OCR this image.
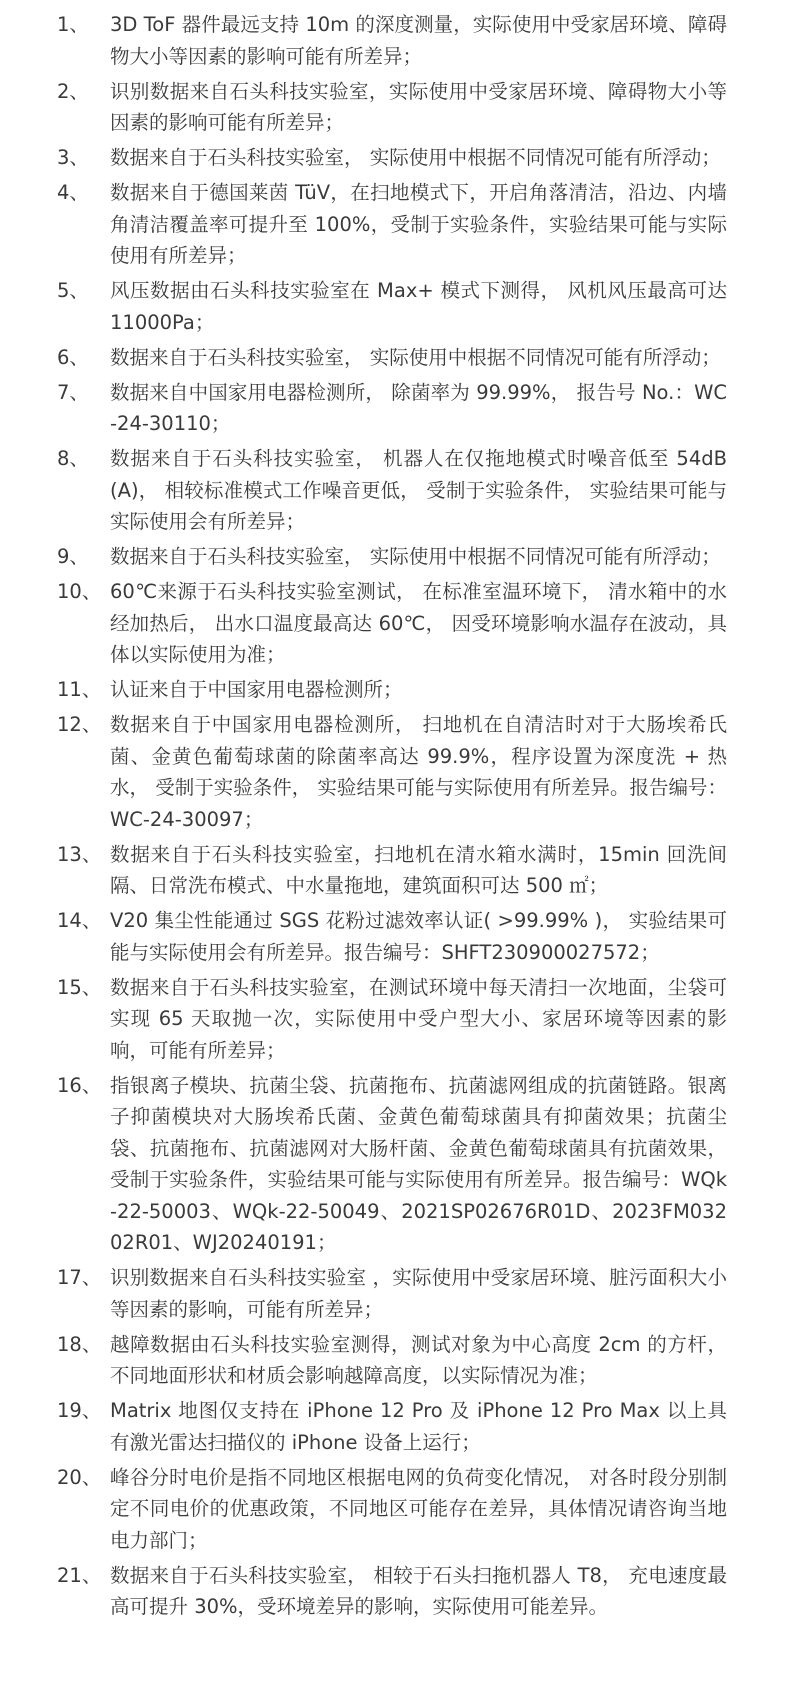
1、 3D ToF 器件最远支持 10m 的深度测量，实际使用中受家居环境、障碍物大小等因素的影响可能有所差异；
2、 识别数据来自石头科技实验室，实际使用中受家居环境、障碍物大小等因素的影响可能有所差异；
3、 数据来自于石头科技实验室， 实际使用中根据不同情况可能有所浮动；
4、 数据来自于德国莱茵 TüV，在扫地模式下，开启角落清洁，沿边、内墙角清洁覆盖率可提升至 100%，受制于实验条件，实验结果可能与实际使用有所差异；
5、 风压数据由石头科技实验室在 Max+ 模式下测得， 风机风压最高可达 11000Pa；
6、 数据来自于石头科技实验室， 实际使用中根据不同情况可能有所浮动；
7、 数据来自中国家用电器检测所， 除菌率为 99.99%， 报告号 No.：WC-24-30110；
8、 数据来自于石头科技实验室， 机器人在仅拖地模式时噪音低至 54dB(A)， 相较标准模式工作噪音更低， 受制于实验条件， 实验结果可能与实际使用会有所差异；
9、 数据来自于石头科技实验室， 实际使用中根据不同情况可能有所浮动；
10、 60℃来源于石头科技实验室测试， 在标准室温环境下， 清水箱中的水经加热后， 出水口温度最高达 60℃， 因受环境影响水温存在波动，具体以实际使用为准；
11、 认证来自于中国家用电器检测所；
12、 数据来自于中国家用电器检测所， 扫地机在自清洁时对于大肠埃希氏菌、金黄色葡萄球菌的除菌率高达 99.9%，程序设置为深度洗 + 热水， 受制于实验条件， 实验结果可能与实际使用有所差异。报告编号： WC-24-30097；
13、 数据来自于石头科技实验室，扫地机在清水箱水满时，15min 回洗间隔、日常洗布模式、中水量拖地，建筑面积可达 500 ㎡；
14、 V20 集尘性能通过 SGS 花粉过滤效率认证( >99.99% )， 实验结果可能与实际使用会有所差异。报告编号：SHFT230900027572；
15、 数据来自于石头科技实验室，在测试环境中每天清扫一次地面，尘袋可实现 65 天取抛一次，实际使用中受户型大小、家居环境等因素的影响，可能有所差异；
16、 指银离子模块、抗菌尘袋、抗菌拖布、抗菌滤网组成的抗菌链路。银离子抑菌模块对大肠埃希氏菌、金黄色葡萄球菌具有抑菌效果；抗菌尘袋、抗菌拖布、抗菌滤网对大肠杆菌、金黄色葡萄球菌具有抗菌效果，受制于实验条件，实验结果可能与实际使用有所差异。报告编号：WQk-22-50003、WQk-22-50049、2021SP02676R01D、2023FM03202R01、WJ20240191；
17、 识别数据来自石头科技实验室 ，实际使用中受家居环境、脏污面积大小等因素的影响，可能有所差异；
18、 越障数据由石头科技实验室测得，测试对象为中心高度 2cm 的方杆，不同地面形状和材质会影响越障高度，以实际情况为准；
19、 Matrix 地图仅支持在 iPhone 12 Pro 及 iPhone 12 Pro Max 以上具有激光雷达扫描仪的 iPhone 设备上运行；
20、 峰谷分时电价是指不同地区根据电网的负荷变化情况， 对各时段分别制定不同电价的优惠政策，不同地区可能存在差异，具体情况请咨询当地电力部门；
21、 数据来自于石头科技实验室， 相较于石头扫拖机器人 T8， 充电速度最高可提升 30%，受环境差异的影响，实际使用可能差异。
